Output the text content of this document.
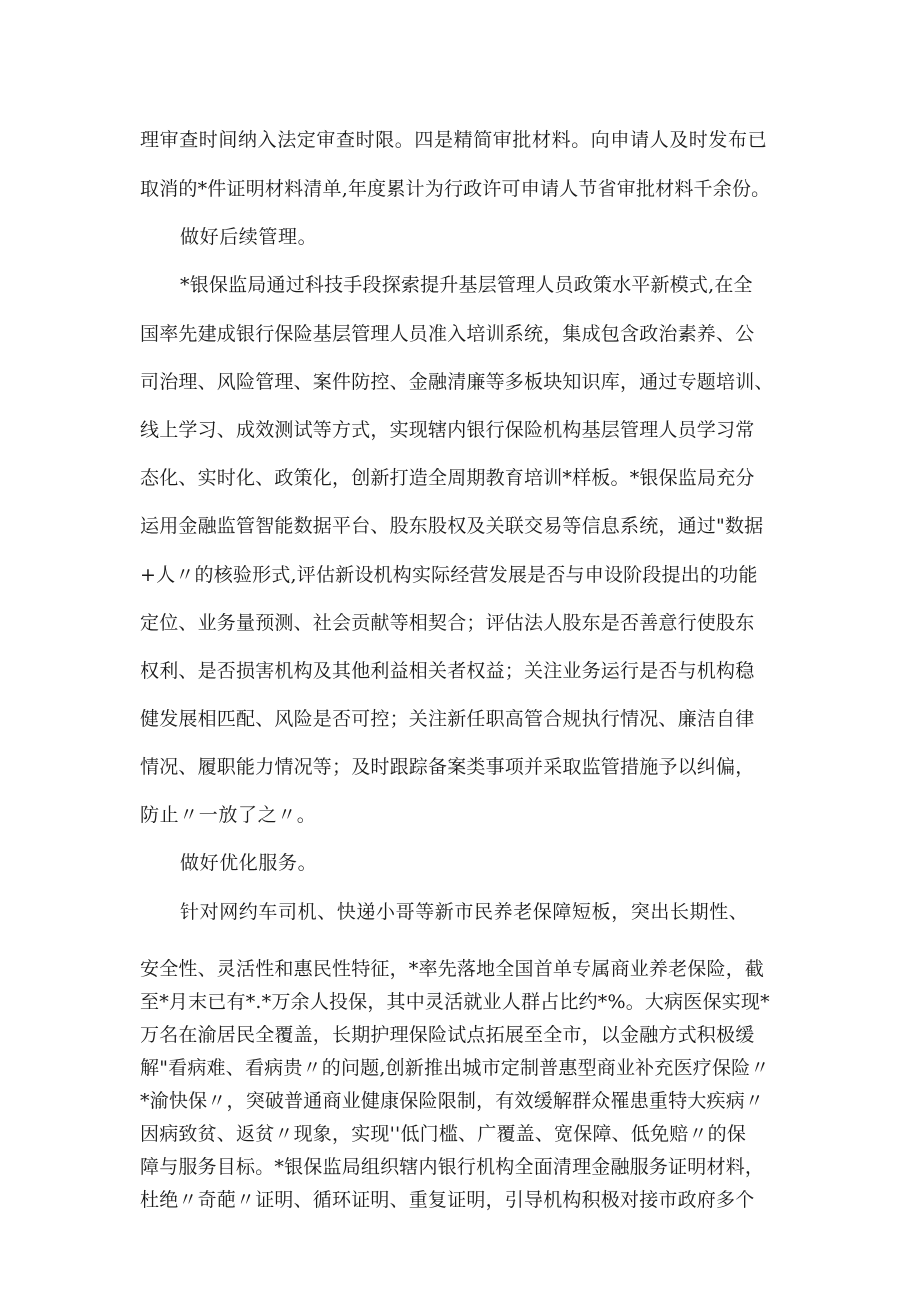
理审查时间纳入法定审查时限。四是精简审批材料。向申请人及时发布已
取消的*件证明材料清单,年度累计为行政许可申请人节省审批材料千余份。
做好后续管理。
*银保监局通过科技手段探索提升基层管理人员政策水平新模式,在全
国率先建成银行保险基层管理人员准入培训系统，集成包含政治素养、公
司治理、风险管理、案件防控、金融清廉等多板块知识库，通过专题培训、
线上学习、成效测试等方式，实现辖内银行保险机构基层管理人员学习常
态化、实时化、政策化，创新打造全周期教育培训*样板。*银保监局充分
运用金融监管智能数据平台、股东股权及关联交易等信息系统，通过"数据
+人〃的核验形式,评估新设机构实际经营发展是否与申设阶段提出的功能
定位、业务量预测、社会贡献等相契合；评估法人股东是否善意行使股东
权利、是否损害机构及其他利益相关者权益；关注业务运行是否与机构稳
健发展相匹配、风险是否可控；关注新任职高管合规执行情况、廉洁自律
情况、履职能力情况等；及时跟踪备案类事项并采取监管措施予以纠偏，
防止〃一放了之〃。
做好优化服务。
针对网约车司机、快递小哥等新市民养老保障短板，突出长期性、
安全性、灵活性和惠民性特征，*率先落地全国首单专属商业养老保险，截
至*月末已有*.*万余人投保，其中灵活就业人群占比约*%。大病医保实现*
万名在渝居民全覆盖，长期护理保险试点拓展至全市，以金融方式积极缓
解"看病难、看病贵〃的问题,创新推出城市定制普惠型商业补充医疗保险〃
*渝快保〃，突破普通商业健康保险限制，有效缓解群众罹患重特大疾病〃
因病致贫、返贫〃现象，实现''低门槛、广覆盖、宽保障、低免赔〃的保
障与服务目标。*银保监局组织辖内银行机构全面清理金融服务证明材料，
杜绝〃奇葩〃证明、循环证明、重复证明，引导机构积极对接市政府多个
